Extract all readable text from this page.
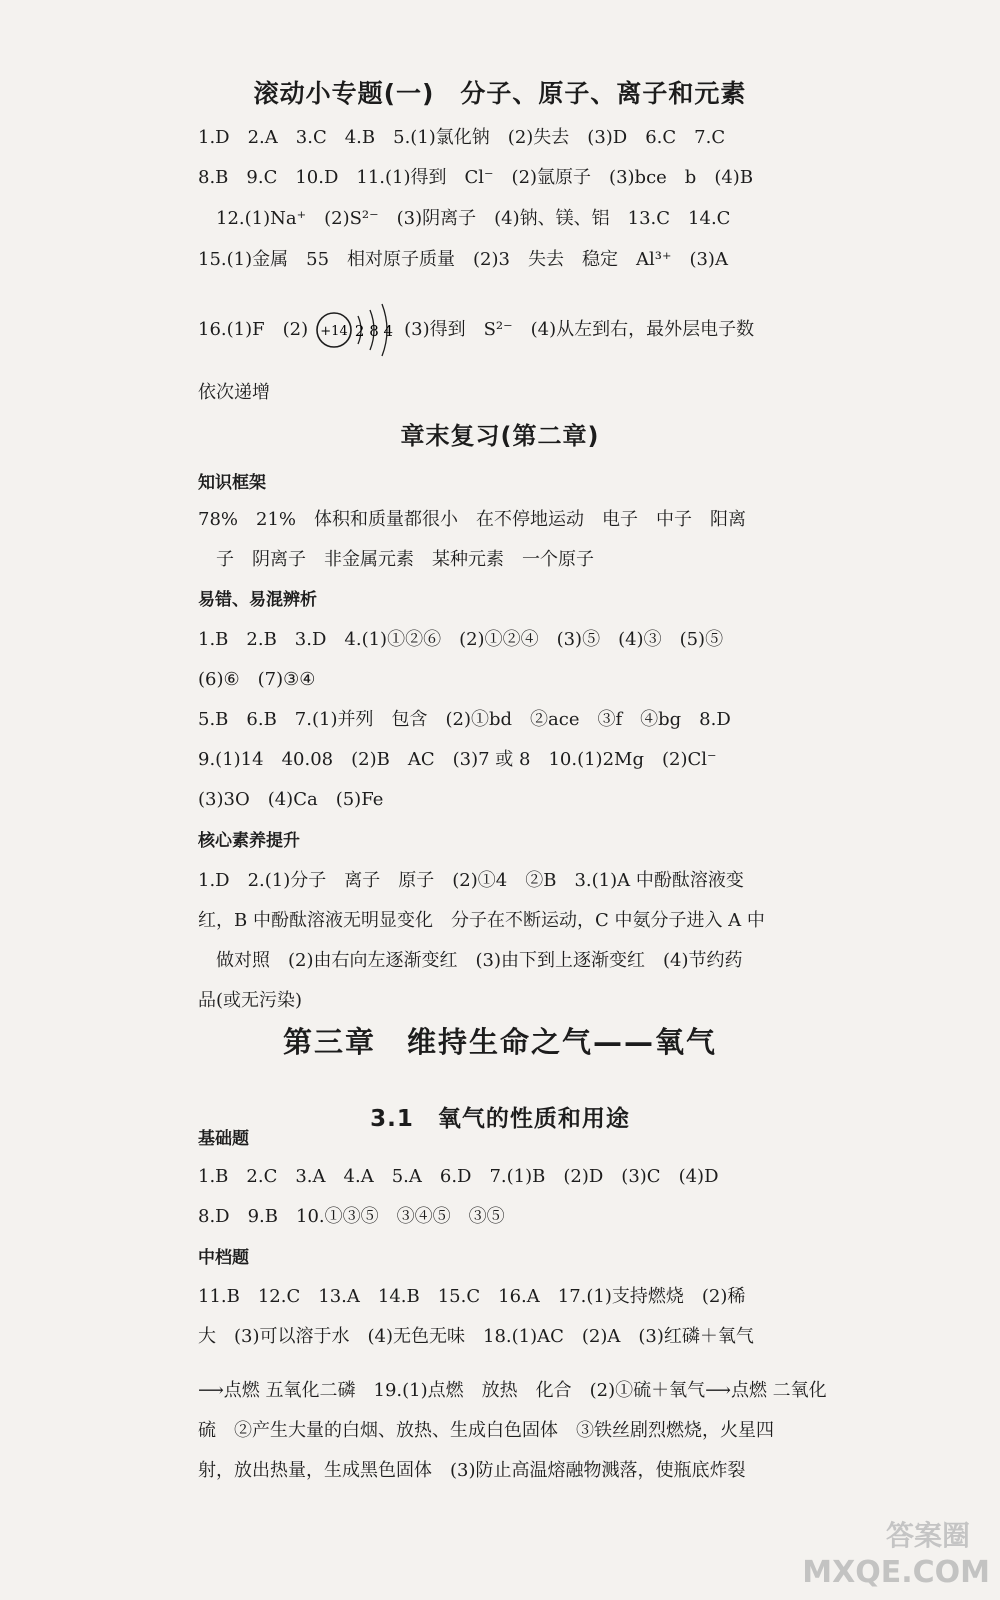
滚动小专题(一)　分子、原子、离子和元素
1.D　2.A　3.C　4.B　5.(1)氯化钠　(2)失去　(3)D　6.C　7.C
8.B　9.C　10.D　11.(1)得到　Cl⁻　(2)氩原子　(3)bce　b　(4)B
12.(1)Na⁺　(2)S²⁻　(3)阴离子　(4)钠、镁、铝　13.C　14.C
15.(1)金属　55　相对原子质量　(2)3　失去　稳定　Al³⁺　(3)A
16.(1)F　(2) +14 2 8 4 (3)得到　S²⁻　(4)从左到右，最外层电子数
依次递增
章末复习(第二章)
知识框架
78%　21%　体积和质量都很小　在不停地运动　电子　中子　阳离
子　阴离子　非金属元素　某种元素　一个原子
易错、易混辨析
1.B　2.B　3.D　4.(1)①②⑥　(2)①②④　(3)⑤　(4)③　(5)⑤
(6)⑥　(7)③④
5.B　6.B　7.(1)并列　包含　(2)①bd　②ace　③f　④bg　8.D
9.(1)14　40.08　(2)B　AC　(3)7 或 8　10.(1)2Mg　(2)Cl⁻
(3)3O　(4)Ca　(5)Fe
核心素养提升
1.D　2.(1)分子　离子　原子　(2)①4　②B　3.(1)A 中酚酞溶液变
红，B 中酚酞溶液无明显变化　分子在不断运动，C 中氨分子进入 A 中
做对照　(2)由右向左逐渐变红　(3)由下到上逐渐变红　(4)节约药
品(或无污染)
第三章　维持生命之气——氧气
3.1　氧气的性质和用途
基础题
1.B　2.C　3.A　4.A　5.A　6.D　7.(1)B　(2)D　(3)C　(4)D
8.D　9.B　10.①③⑤　③④⑤　③⑤
中档题
11.B　12.C　13.A　14.B　15.C　16.A　17.(1)支持燃烧　(2)稀
大　(3)可以溶于水　(4)无色无味　18.(1)AC　(2)A　(3)红磷＋氧气
⟶点燃 五氧化二磷　19.(1)点燃　放热　化合　(2)①硫＋氧气⟶点燃 二氧化
硫　②产生大量的白烟、放热、生成白色固体　③铁丝剧烈燃烧，火星四
射，放出热量，生成黑色固体　(3)防止高温熔融物溅落，使瓶底炸裂
答案圈
MXQE.COM
